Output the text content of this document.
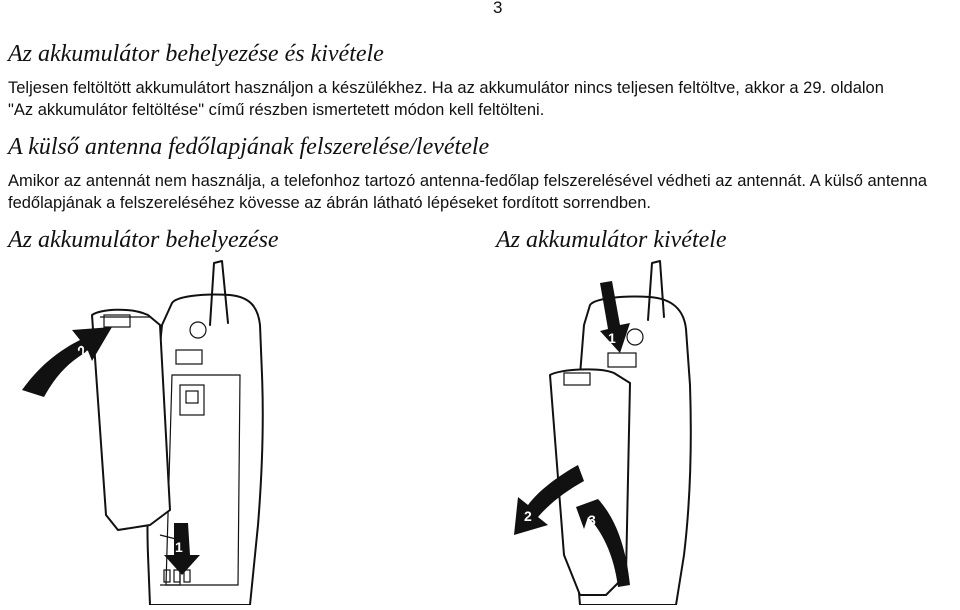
3
Az akkumulátor behelyezése és kivétele
Teljesen feltöltött akkumulátort használjon a készülékhez. Ha az akkumulátor nincs teljesen feltöltve, akkor a 29. oldalon "Az akkumulátor feltöltése" című részben ismertetett módon kell feltölteni.
A külső antenna fedőlapjának felszerelése/levétele
Amikor az antennát nem használja, a telefonhoz tartozó antenna-fedőlap felszerelésével védheti az antennát. A külső antenna fedőlapjának a felszereléséhez kövesse az ábrán látható lépéseket fordított sorrendben.
Az akkumulátor behelyezése	Az akkumulátor kivétele
2
1
1
2	3
